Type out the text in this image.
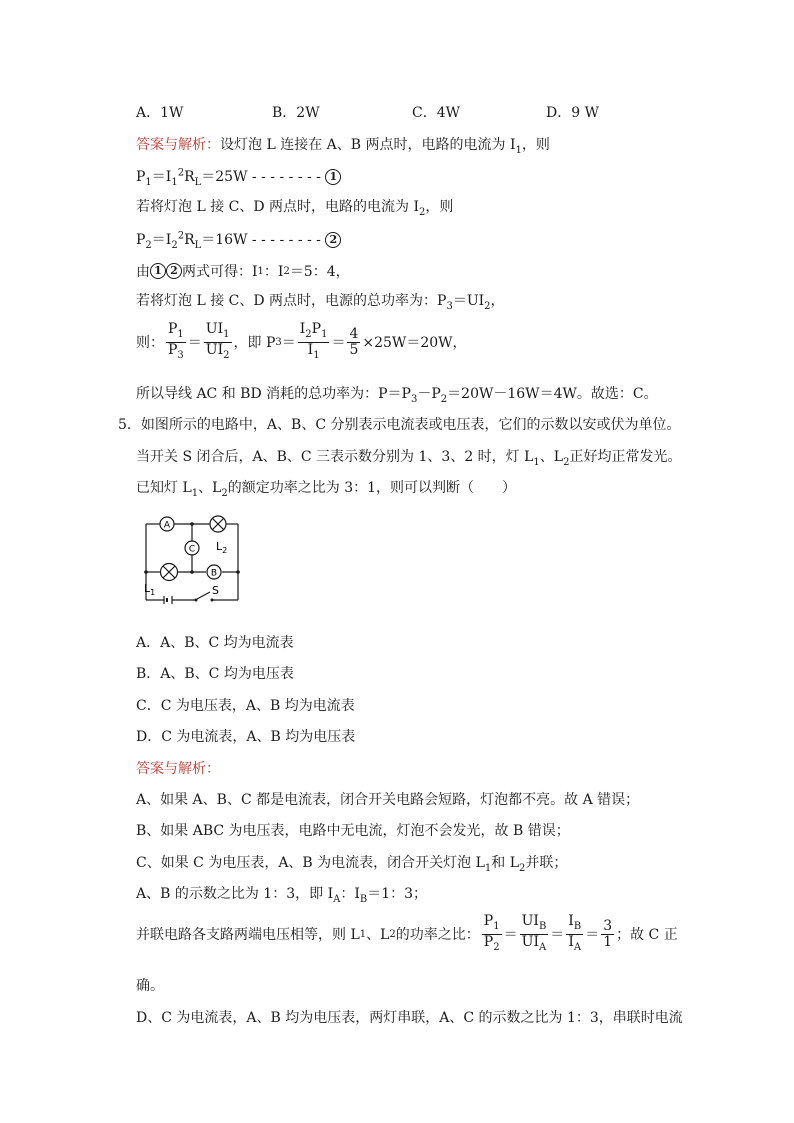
A．1W	B．2W	C．4W	D．9 W
答案与解析：设灯泡 L 连接在 A、B 两点时，电路的电流为 $I_1$，则
$P_1=I_1^2R_L=25W$ - - - - - - - -
1
若将灯泡 L 接 C、D 两点时，电路的电流为 $I_2$，则
$P_2=I_2^2R_L=16W$ - - - - - - - -
2
由 1 2 两式可得：I 1 ：I 2 ＝5：4，
若将灯泡 L 接 C、D 两点时，电源的总功率为：$P_3=UI_2$，
则： $\frac{P_1}{P_3} = \frac{UI_1}{UI_2}$ ，即 P $3 = \frac{I_2P_1}{I_1} = \frac{4}{5} \times 25W=20W$，
所以导线 AC 和 BD 消耗的总功率为：$P=P_3-P_2=20W-16W=4W$。故选：C。
5．如图所示的电路中，A、B、C 分别表示电流表或电压表，它们的示数以安或伏为单位。
当开关 S 闭合后，A、B、C 三表示数分别为 1、3、2 时，灯 $L_1$、$L_2$正好均正常发光。
已知灯 $L_1$、$L_2$的额定功率之比为 3：1，则可以判断（　　）
A
$L_2$
C
$L_1$
B
S
A．A、B、C 均为电流表
B．A、B、C 均为电压表
C．C 为电压表，A、B 均为电流表
D．C 为电流表，A、B 均为电压表
答案与解析：
A、如果 A、B、C 都是电流表，闭合开关电路会短路，灯泡都不亮。故 A 错误；
B、如果 ABC 为电压表，电路中无电流，灯泡不会发光，故 B 错误；
C、如果 C 为电压表，A、B 为电流表，闭合开关灯泡 $L_1$和 $L_2$并联；
A、B 的示数之比为 1：3，即 $I_A$：$I_B=1$：3；
并联电路各支路两端电压相等，则 L 1 、L 2 的功率之比： $\frac{P_1}{P_2} = \frac{UI_B}{UI_A} = \frac{I_B}{I_A} = \frac{3}{1}$ ；故 C 正
确。
D、C 为电流表，A、B 均为电压表，两灯串联，A、C 的示数之比为 1：3，串联时电流
